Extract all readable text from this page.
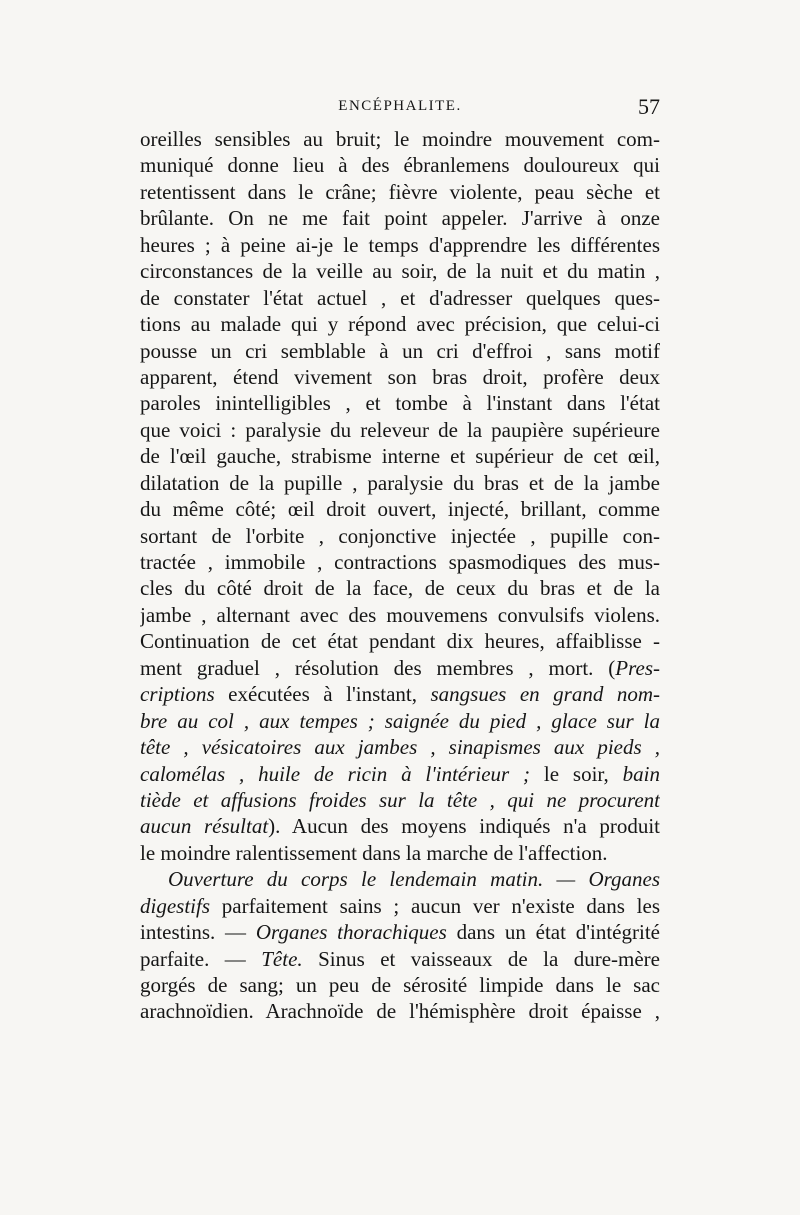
ENCÉPHALITE.	57
oreilles sensibles au bruit; le moindre mouvement com-
muniqué donne lieu à des ébranlemens douloureux qui
retentissent dans le crâne; fièvre violente, peau sèche et
brûlante. On ne me fait point appeler. J'arrive à onze
heures ; à peine ai-je le temps d'apprendre les différentes
circonstances de la veille au soir, de la nuit et du matin ,
de constater l'état actuel , et d'adresser quelques ques-
tions au malade qui y répond avec précision, que celui-ci
pousse un cri semblable à un cri d'effroi , sans motif
apparent, étend vivement son bras droit, profère deux
paroles inintelligibles , et tombe à l'instant dans l'état
que voici : paralysie du releveur de la paupière supérieure
de l'œil gauche, strabisme interne et supérieur de cet œil,
dilatation de la pupille , paralysie du bras et de la jambe
du même côté; œil droit ouvert, injecté, brillant, comme
sortant de l'orbite , conjonctive injectée , pupille con-
tractée , immobile , contractions spasmodiques des mus-
cles du côté droit de la face, de ceux du bras et de la
jambe , alternant avec des mouvemens convulsifs violens.
Continuation de cet état pendant dix heures, affaiblisse -
ment graduel , résolution des membres , mort. (Pres-
criptions exécutées à l'instant, sangsues en grand nom-
bre au col , aux tempes ; saignée du pied , glace sur la
tête , vésicatoires aux jambes , sinapismes aux pieds ,
calomélas , huile de ricin à l'intérieur ; le soir, bain
tiède et affusions froides sur la tête , qui ne procurent
aucun résultat). Aucun des moyens indiqués n'a produit
le moindre ralentissement dans la marche de l'affection.
Ouverture du corps le lendemain matin. — Organes
digestifs parfaitement sains ; aucun ver n'existe dans les
intestins. — Organes thorachiques dans un état d'intégrité
parfaite. — Tête. Sinus et vaisseaux de la dure-mère
gorgés de sang; un peu de sérosité limpide dans le sac
arachnoïdien. Arachnoïde de l'hémisphère droit épaisse ,
